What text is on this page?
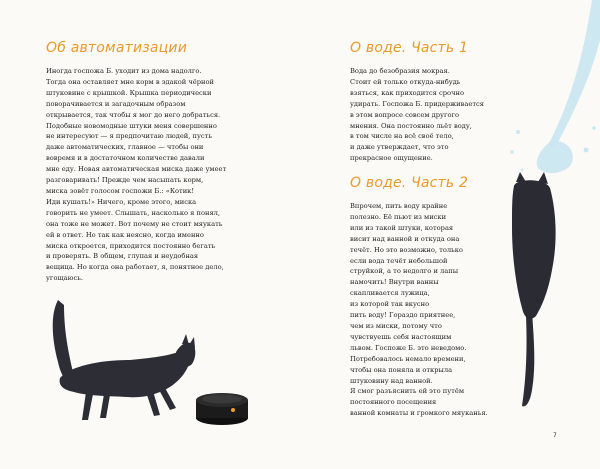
Об автоматизации
Иногда госпожа Б. уходит из дома надолго.
Тогда она оставляет мне корм в эдакой чёрной
штуковине с крышкой. Крышка периодически
поворачивается и загадочным образом
открывается, так чтобы я мог до него добраться.
Подобные новомодные штуки меня совершенно
не интересуют — я предпочитаю людей, пусть
даже автоматических, главное — чтобы они
вовремя и в достаточном количестве давали
мне еду. Новая автоматическая миска даже умеет
разговаривать! Прежде чем насыпать корм,
миска зовёт голосом госпожи Б.: «Котик!
Иди кушать!» Ничего, кроме этого, миска
говорить не умеет. Слышать, насколько я понял,
она тоже не может. Вот почему не стоит мяукать
ей в ответ. Но так как неясно, когда именно
миска откроется, приходится постоянно бегать
и проверять. В общем, глупая и неудобная
вещица. Но когда она работает, я, понятное дело,
угощаюсь.
О воде. Часть 1
Вода до безобразия мокрая.
Стоит ей только откуда-нибудь
взяться, как приходится срочно
удирать. Госпожа Б. придерживается
в этом вопросе совсем другого
мнения. Она постоянно льёт воду,
в том числе на всё своё тело,
и даже утверждает, что это
прекрасное ощущение.
О воде. Часть 2
Впрочем, пить воду крайне
полезно. Её пьют из миски
или из такой штуки, которая
висит над ванной и откуда она
течёт. Но это возможно, только
если вода течёт небольшой
струйкой, а то недолго и лапы
намочить! Внутри ванны
скапливается лужица,
из которой так вкусно
пить воду! Гораздо приятнее,
чем из миски, потому что
чувствуешь себя настоящим
львом. Госпоже Б. это неведомо.
Потребовалось немало времени,
чтобы она поняла и открыла
штуковину над ванной.
Я смог разъяснить ей это путём
постоянного посещения
ванной комнаты и громкого мяуканья.
7
